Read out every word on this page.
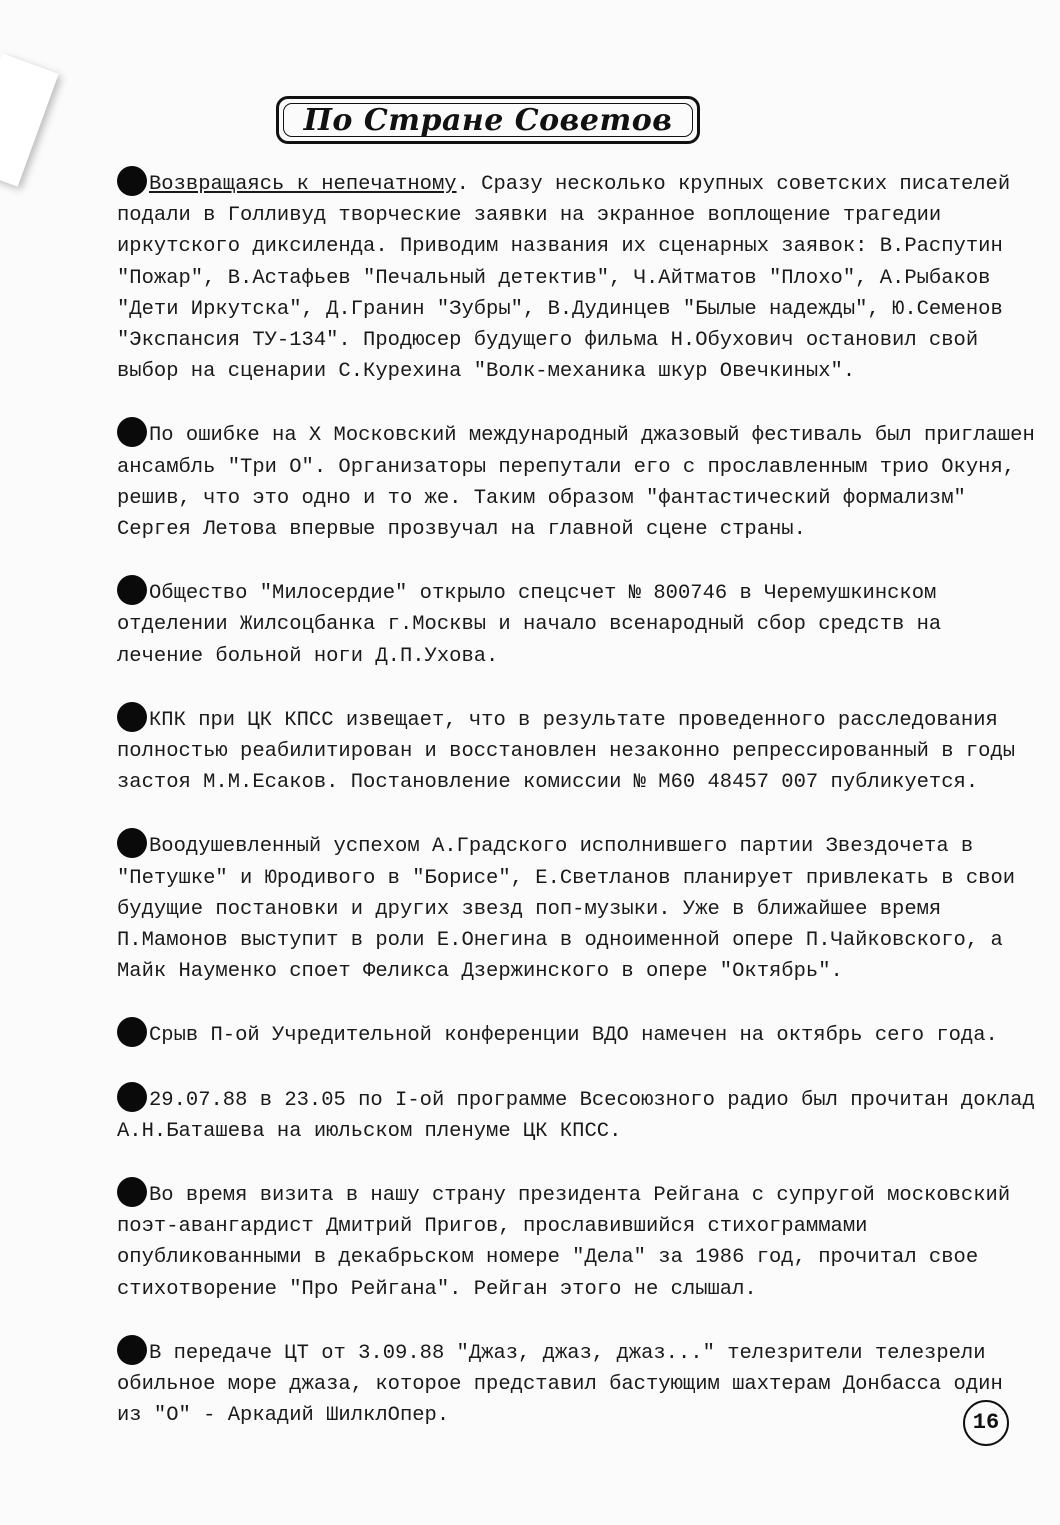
По Стране Советов

Возвращаясь к непечатному. Сразу несколько крупных советских писателей подали в Голливуд творческие заявки на экранное воплощение трагедии иркутского диксиленда. Приводим названия их сценарных заявок: В.Распутин "Пожар", В.Астафьев "Печальный детектив", Ч.Айтматов "Плохо", А.Рыбаков "Дети Иркутска", Д.Гранин "Зубры", В.Дудинцев "Былые надежды", Ю.Семенов "Экспансия ТУ-134". Продюсер будущего фильма Н.Обухович остановил свой выбор на сценарии С.Курехина "Волк-механика шкур Овечкиных".

По ошибке на X Московский международный джазовый фестиваль был приглашен ансамбль "Три О". Организаторы перепутали его с прославленным трио Окуня, решив, что это одно и то же. Таким образом "фантастический формализм" Сергея Летова впервые прозвучал на главной сцене страны.

Общество "Милосердие" открыло спецсчет № 800746 в Черемушкинском отделении Жилсоцбанка г.Москвы и начало всенародный сбор средств на лечение больной ноги Д.П.Ухова.

КПК при ЦК КПСС извещает, что в результате проведенного расследования полностью реабилитирован и восстановлен незаконно репрессированный в годы застоя М.М.Есаков. Постановление комиссии № М60 48457 007 публикуется.

Воодушевленный успехом А.Градского исполнившего партии Звездочета в "Петушке" и Юродивого в "Борисе", Е.Светланов планирует привлекать в свои будущие постановки и других звезд поп-музыки. Уже в ближайшее время П.Мамонов выступит в роли Е.Онегина в одноименной опере П.Чайковского, а Майк Науменко споет Феликса Дзержинского в опере "Октябрь".

Срыв П-ой Учредительной конференции ВДО намечен на октябрь сего года.

29.07.88 в 23.05 по I-ой программе Всесоюзного радио был прочитан доклад А.Н.Баташева на июльском пленуме ЦК КПСС.

Во время визита в нашу страну президента Рейгана с супругой московский поэт-авангардист Дмитрий Пригов, прославившийся стихограммами опубликованными в декабрьском номере "Дела" за 1986 год, прочитал свое стихотворение "Про Рейгана". Рейган этого не слышал.

В передаче ЦТ от 3.09.88 "Джаз, джаз, джаз..." телезрители телезрели обильное море джаза, которое представил бастующим шахтерам Донбасса один из "О" - Аркадий ШилклОпер.	16
